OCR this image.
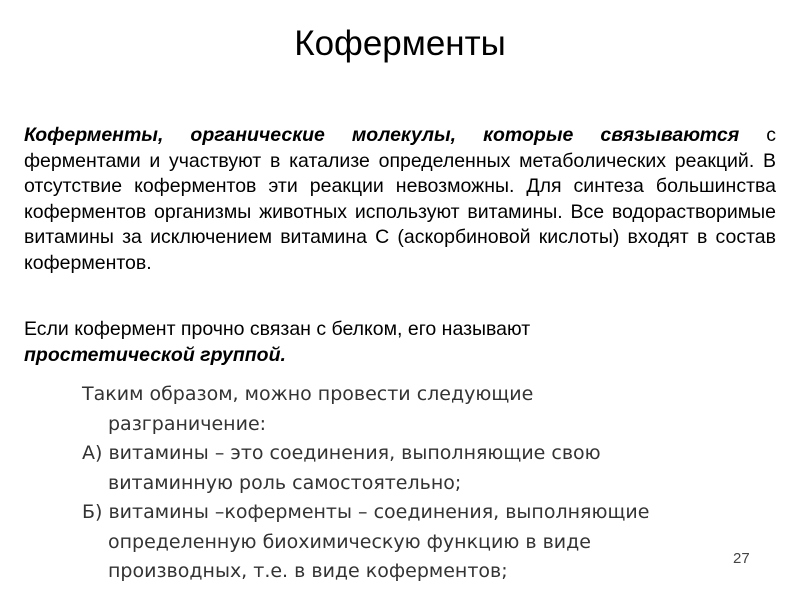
Коферменты
Коферменты, органические молекулы, которые связываются с ферментами и участвуют в катализе определенных метаболических реакций. В отсутствие коферментов эти реакции невозможны. Для синтеза большинства коферментов организмы животных используют витамины. Все водорастворимые витамины за исключением витамина С (аскорбиновой кислоты) входят в состав коферментов.
Если кофермент прочно связан с белком, его называют
простетической группой.
Таким образом, можно провести следующие
разграничение:
А) витамины – это соединения, выполняющие свою
витаминную роль самостоятельно;
Б) витамины –коферменты – соединения, выполняющие
определенную биохимическую функцию в виде
производных, т.е. в виде коферментов;
27
